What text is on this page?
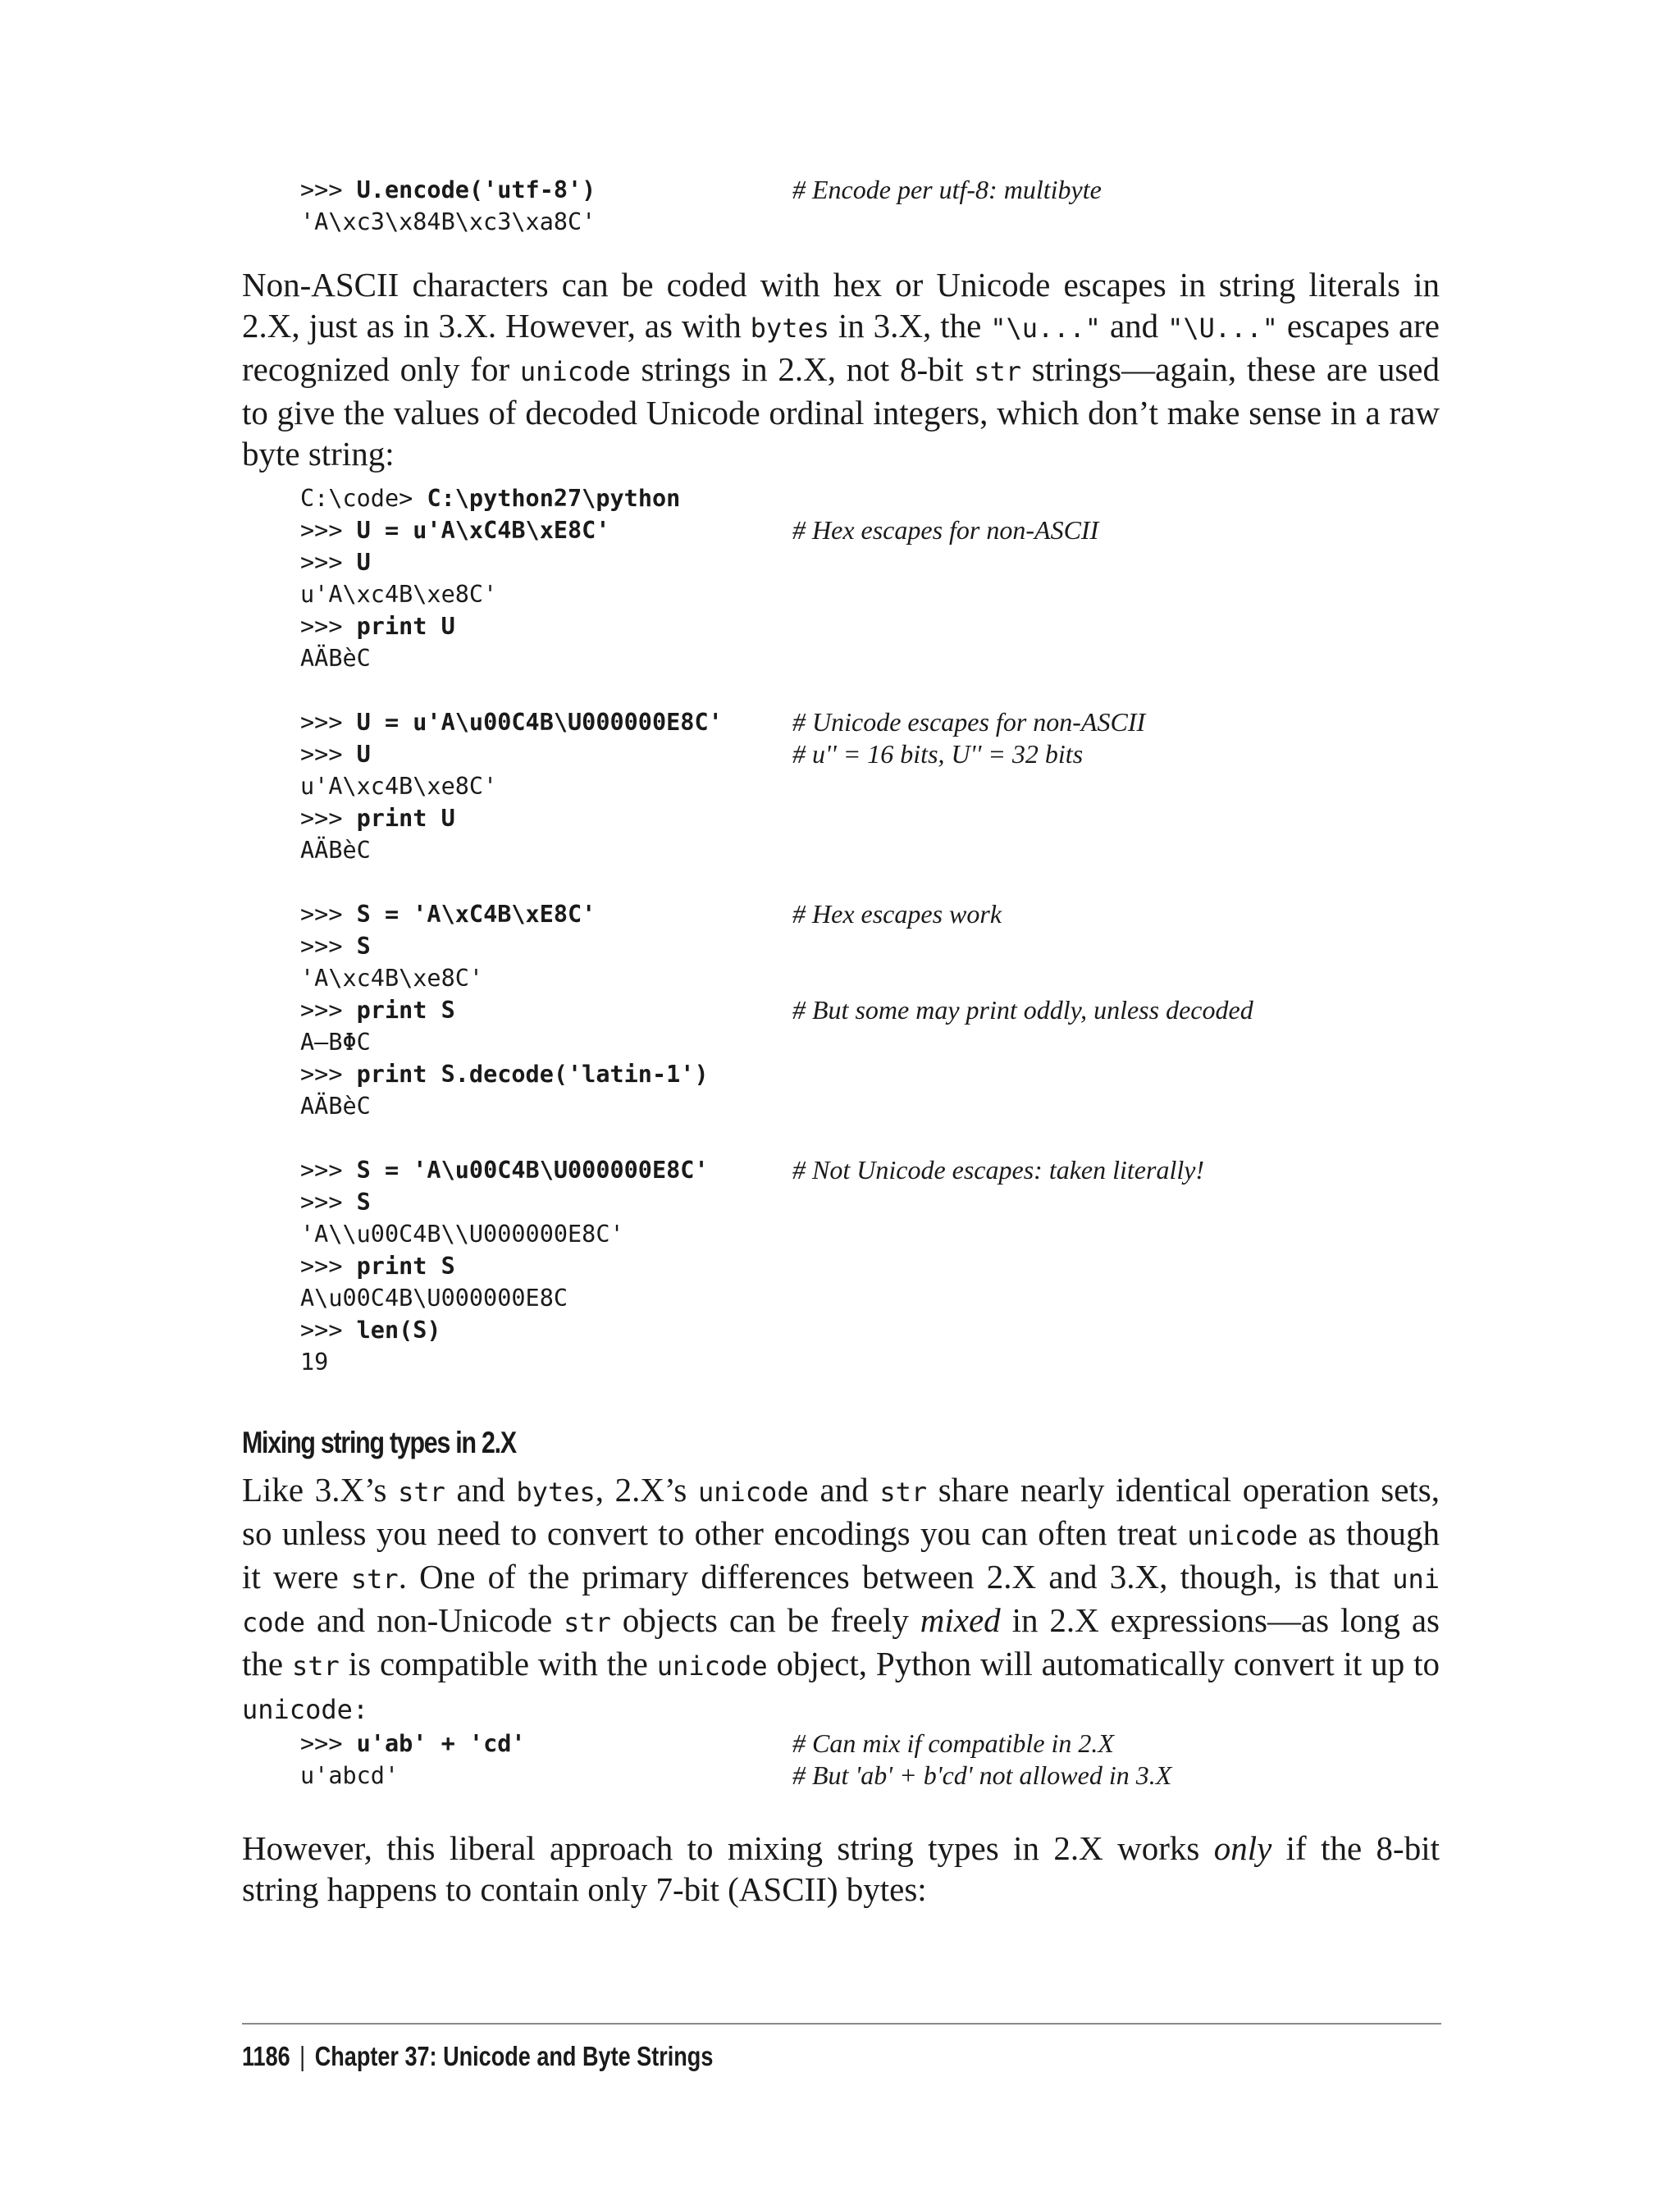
>>> U.encode('utf-8')	# Encode per utf-8: multibyte
'A\xc3\x84B\xc3\xa8C'

Non-ASCII characters can be coded with hex or Unicode escapes in string literals in 2.X, just as in 3.X. However, as with bytes in 3.X, the "\u..." and "\U..." escapes are recognized only for unicode strings in 2.X, not 8-bit str strings—again, these are used to give the values of decoded Unicode ordinal integers, which don’t make sense in a raw byte string:

C:\code> C:\python27\python
>>> U = u'A\xC4B\xE8C'	# Hex escapes for non-ASCII
>>> U
u'A\xc4B\xe8C'
>>> print U
AÄBèC
>>> U = u'A\u00C4B\U000000E8C'	# Unicode escapes for non-ASCII
>>> U	# u'' = 16 bits, U'' = 32 bits
u'A\xc4B\xe8C'
>>> print U
AÄBèC
>>> S = 'A\xC4B\xE8C'	# Hex escapes work
>>> S
'A\xc4B\xe8C'
>>> print S	# But some may print oddly, unless decoded
A—BΦC
>>> print S.decode('latin-1')
AÄBèC
>>> S = 'A\u00C4B\U000000E8C'	# Not Unicode escapes: taken literally!
>>> S
'A\\u00C4B\\U000000E8C'
>>> print S
A\u00C4B\U000000E8C
>>> len(S)
19
Mixing string types in 2.X

Like 3.X’s str and bytes, 2.X’s unicode and str share nearly identical operation sets, so unless you need to convert to other encodings you can often treat unicode as though it were str. One of the primary differences between 2.X and 3.X, though, is that uni code and non-Unicode str objects can be freely mixed in 2.X expressions—as long as the str is compatible with the unicode object, Python will automatically convert it up to unicode:

>>> u'ab' + 'cd'	# Can mix if compatible in 2.X
u'abcd'	# But 'ab' + b'cd' not allowed in 3.X

However, this liberal approach to mixing string types in 2.X works only if the 8-bit string happens to contain only 7-bit (ASCII) bytes:

1186 | Chapter 37: Unicode and Byte Strings
